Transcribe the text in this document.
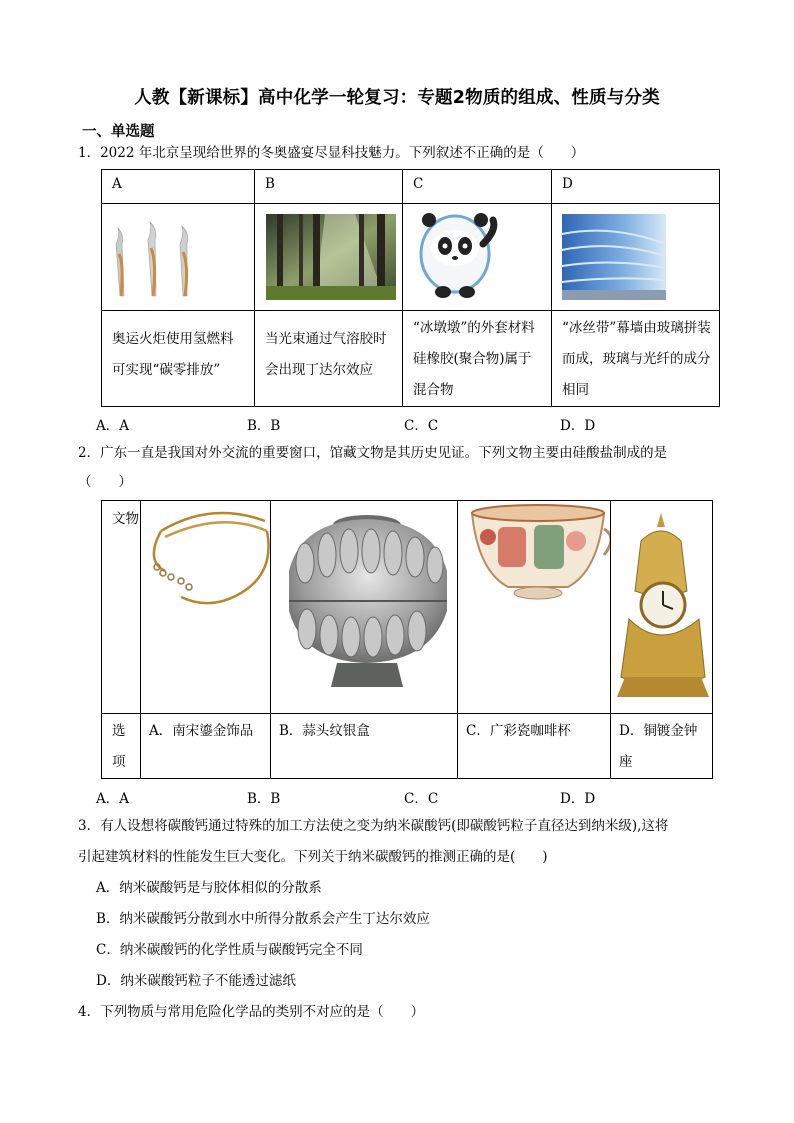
人教【新课标】高中化学一轮复习：专题2物质的组成、性质与分类
一、单选题
1．2022 年北京呈现给世界的冬奥盛宴尽显科技魅力。下列叙述不正确的是（　　）
A	B	C	D

奥运火炬使用氢燃料可实现“碳零排放”	当光束通过气溶胶时会出现丁达尔效应	“冰墩墩”的外套材料硅橡胶(聚合物)属于混合物	“冰丝带”幕墙由玻璃拼装而成，玻璃与光纤的成分相同
A．A	B．B	C．C	D．D
2．广东一直是我国对外交流的重要窗口，馆藏文物是其历史见证。下列文物主要由硅酸盐制成的是
（　　）
文物

选项	A．南宋鎏金饰品	B．蒜头纹银盒	C．广彩瓷咖啡杯	D．铜镀金钟座
A．A	B．B	C．C	D．D
3．有人设想将碳酸钙通过特殊的加工方法使之变为纳米碳酸钙(即碳酸钙粒子直径达到纳米级),这将
引起建筑材料的性能发生巨大变化。下列关于纳米碳酸钙的推测正确的是(　　)
A．纳米碳酸钙是与胶体相似的分散系
B．纳米碳酸钙分散到水中所得分散系会产生丁达尔效应
C．纳米碳酸钙的化学性质与碳酸钙完全不同
D．纳米碳酸钙粒子不能透过滤纸
4．下列物质与常用危险化学品的类别不对应的是（　　）
